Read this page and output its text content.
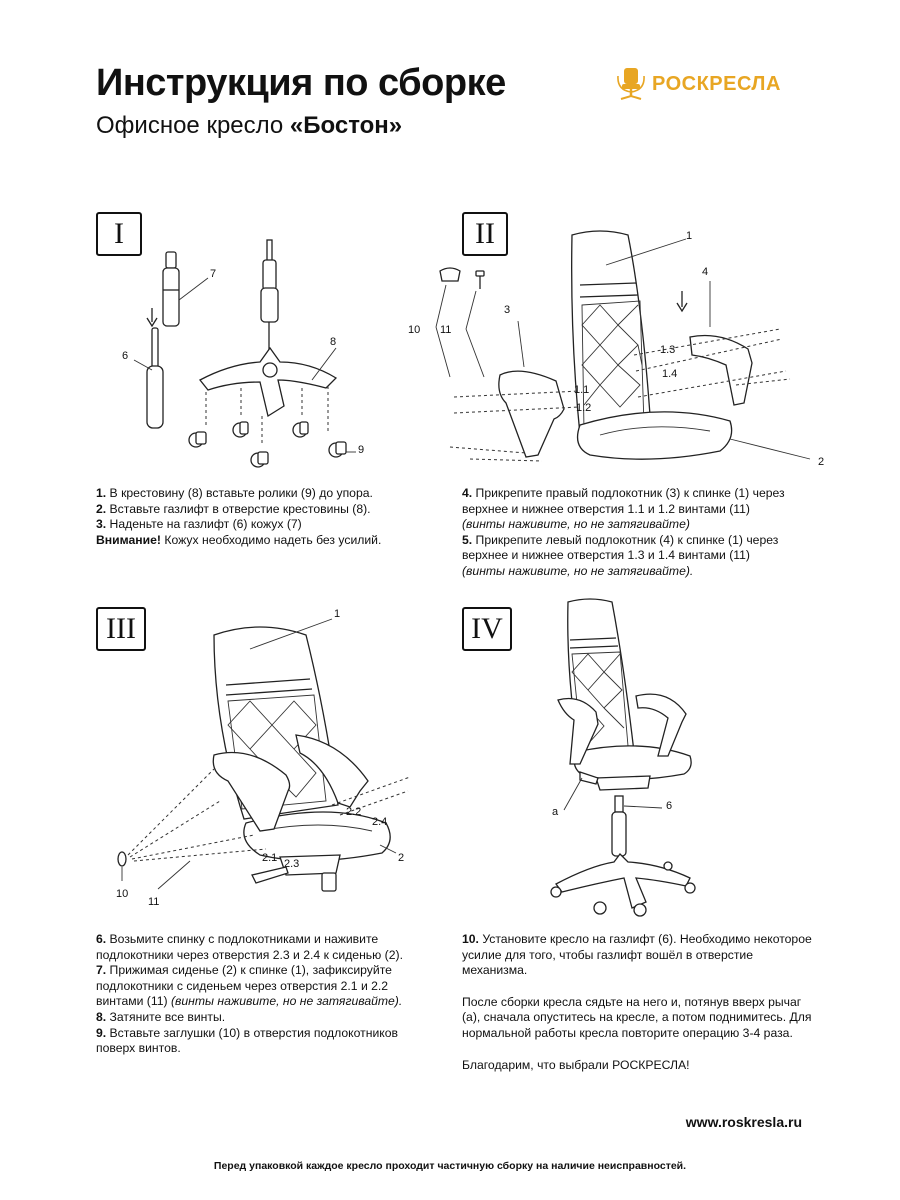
Инструкция по сборке
Офисное кресло «Бостон»
РОСКРЕСЛА
I	II
III	IV
7
6
8
9
1
4
3
10 11
1.3
1.4
1.1
1.2
2
1
2.2
2.4
2
2.1 2.3
10
11
a	6
1. В крестовину (8) вставьте ролики (9) до упора.
2. Вставьте газлифт в отверстие крестовины (8).
3. Наденьте на газлифт (6) кожух (7)
Внимание! Кожух необходимо надеть без усилий.
4. Прикрепите правый подлокотник (3) к спинке (1) через верхнее и нижнее отверстия 1.1 и 1.2 винтами (11)
(винты наживите, но не затягивайте)
5. Прикрепите левый подлокотник (4) к спинке (1) через верхнее и нижнее отверстия 1.3 и 1.4 винтами (11)
(винты наживите, но не затягивайте).
6. Возьмите спинку с подлокотниками и наживите подлокотники через отверстия 2.3 и 2.4 к сиденью (2).
7. Прижимая сиденье (2) к спинке (1), зафиксируйте подлокотники с сиденьем через отверстия 2.1 и 2.2 винтами (11) (винты наживите, но не затягивайте).
8. Затяните все винты.
9. Вставьте заглушки (10) в отверстия подлокотников поверх винтов.
10. Установите кресло на газлифт (6). Необходимо некоторое усилие для того, чтобы газлифт вошёл в отверстие механизма.
После сборки кресла сядьте на него и, потянув вверх рычаг (а), сначала опуститесь на кресле, а потом поднимитесь. Для нормальной работы кресла повторите операцию 3-4 раза.
Благодарим, что выбрали РОСКРЕСЛА!
www.roskresla.ru
Перед упаковкой каждое кресло проходит частичную сборку на наличие неисправностей.
